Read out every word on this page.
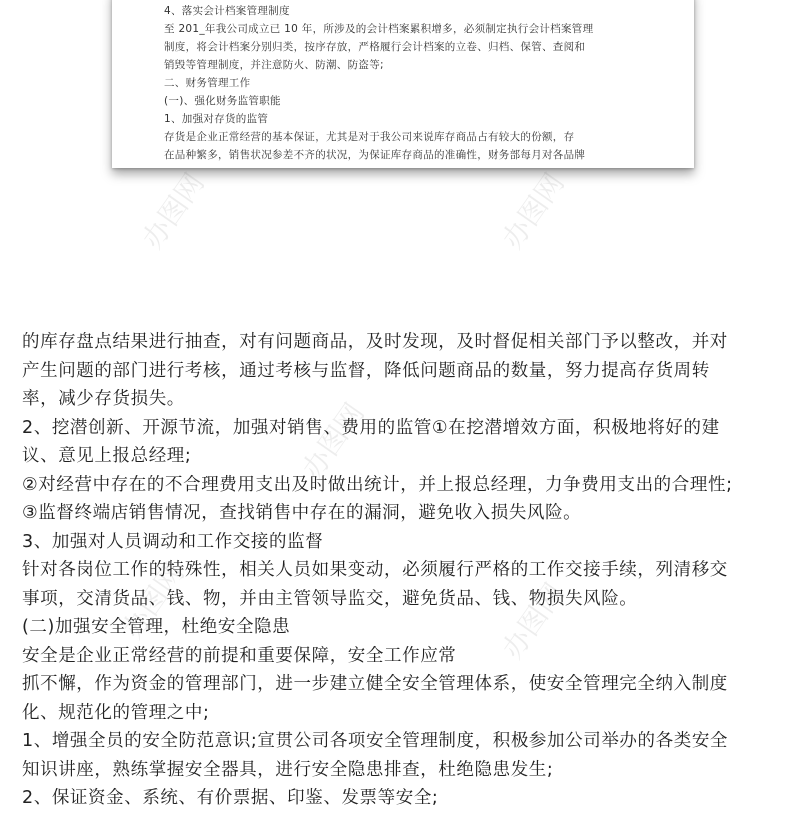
办图网	办图网
办图网
办图网
办图网
4、落实会计档案管理制度
至 201_年我公司成立已 10 年，所涉及的会计档案累积增多，必须制定执行会计档案管理
制度，将会计档案分别归类，按序存放，严格履行会计档案的立卷、归档、保管、查阅和
销毁等管理制度，并注意防火、防潮、防盗等;
二、财务管理工作
(一)、强化财务监管职能
1、加强对存货的监管
存货是企业正常经营的基本保证，尤其是对于我公司来说库存商品占有较大的份额，存
在品种繁多，销售状况参差不齐的状况，为保证库存商品的准确性，财务部每月对各品牌
的库存盘点结果进行抽查，对有问题商品，及时发现，及时督促相关部门予以整改，并对
产生问题的部门进行考核，通过考核与监督，降低问题商品的数量，努力提高存货周转
率，减少存货损失。
2、挖潜创新、开源节流，加强对销售、费用的监管①在挖潜增效方面，积极地将好的建
议、意见上报总经理;
②对经营中存在的不合理费用支出及时做出统计，并上报总经理，力争费用支出的合理性;
③监督终端店销售情况，查找销售中存在的漏洞，避免收入损失风险。
3、加强对人员调动和工作交接的监督
针对各岗位工作的特殊性，相关人员如果变动，必须履行严格的工作交接手续，列清移交
事项，交清货品、钱、物，并由主管领导监交，避免货品、钱、物损失风险。
(二)加强安全管理，杜绝安全隐患
安全是企业正常经营的前提和重要保障，安全工作应常
抓不懈，作为资金的管理部门，进一步建立健全安全管理体系，使安全管理完全纳入制度
化、规范化的管理之中;
1、增强全员的安全防范意识;宣贯公司各项安全管理制度，积极参加公司举办的各类安全
知识讲座，熟练掌握安全器具，进行安全隐患排查，杜绝隐患发生;
2、保证资金、系统、有价票据、印鉴、发票等安全;
